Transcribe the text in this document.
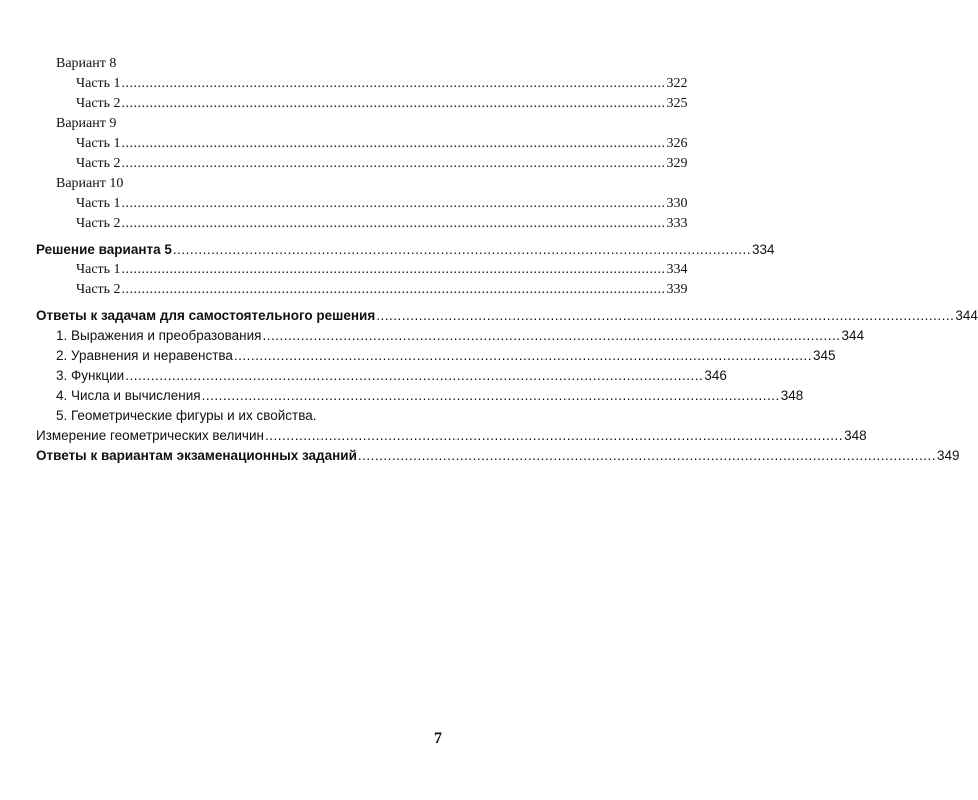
Вариант 8
Часть 1 ........................................................................................................................................ 322
Часть 2 ........................................................................................................................................ 325
Вариант 9
Часть 1 ........................................................................................................................................ 326
Часть 2 ........................................................................................................................................ 329
Вариант 10
Часть 1 ........................................................................................................................................ 330
Часть 2 ........................................................................................................................................ 333
Решение варианта 5 ........................................................................................................................................ 334
Часть 1 ........................................................................................................................................ 334
Часть 2 ........................................................................................................................................ 339
Ответы к задачам для самостоятельного решения ........................................................................................................................................ 344
1. Выражения и преобразования ........................................................................................................................................ 344
2. Уравнения и неравенства ........................................................................................................................................ 345
3. Функции ........................................................................................................................................ 346
4. Числа и вычисления ........................................................................................................................................ 348
5. Геометрические фигуры и их свойства.
Измерение геометрических величин ........................................................................................................................................ 348
Ответы к вариантам экзаменационных заданий ........................................................................................................................................ 349
7
